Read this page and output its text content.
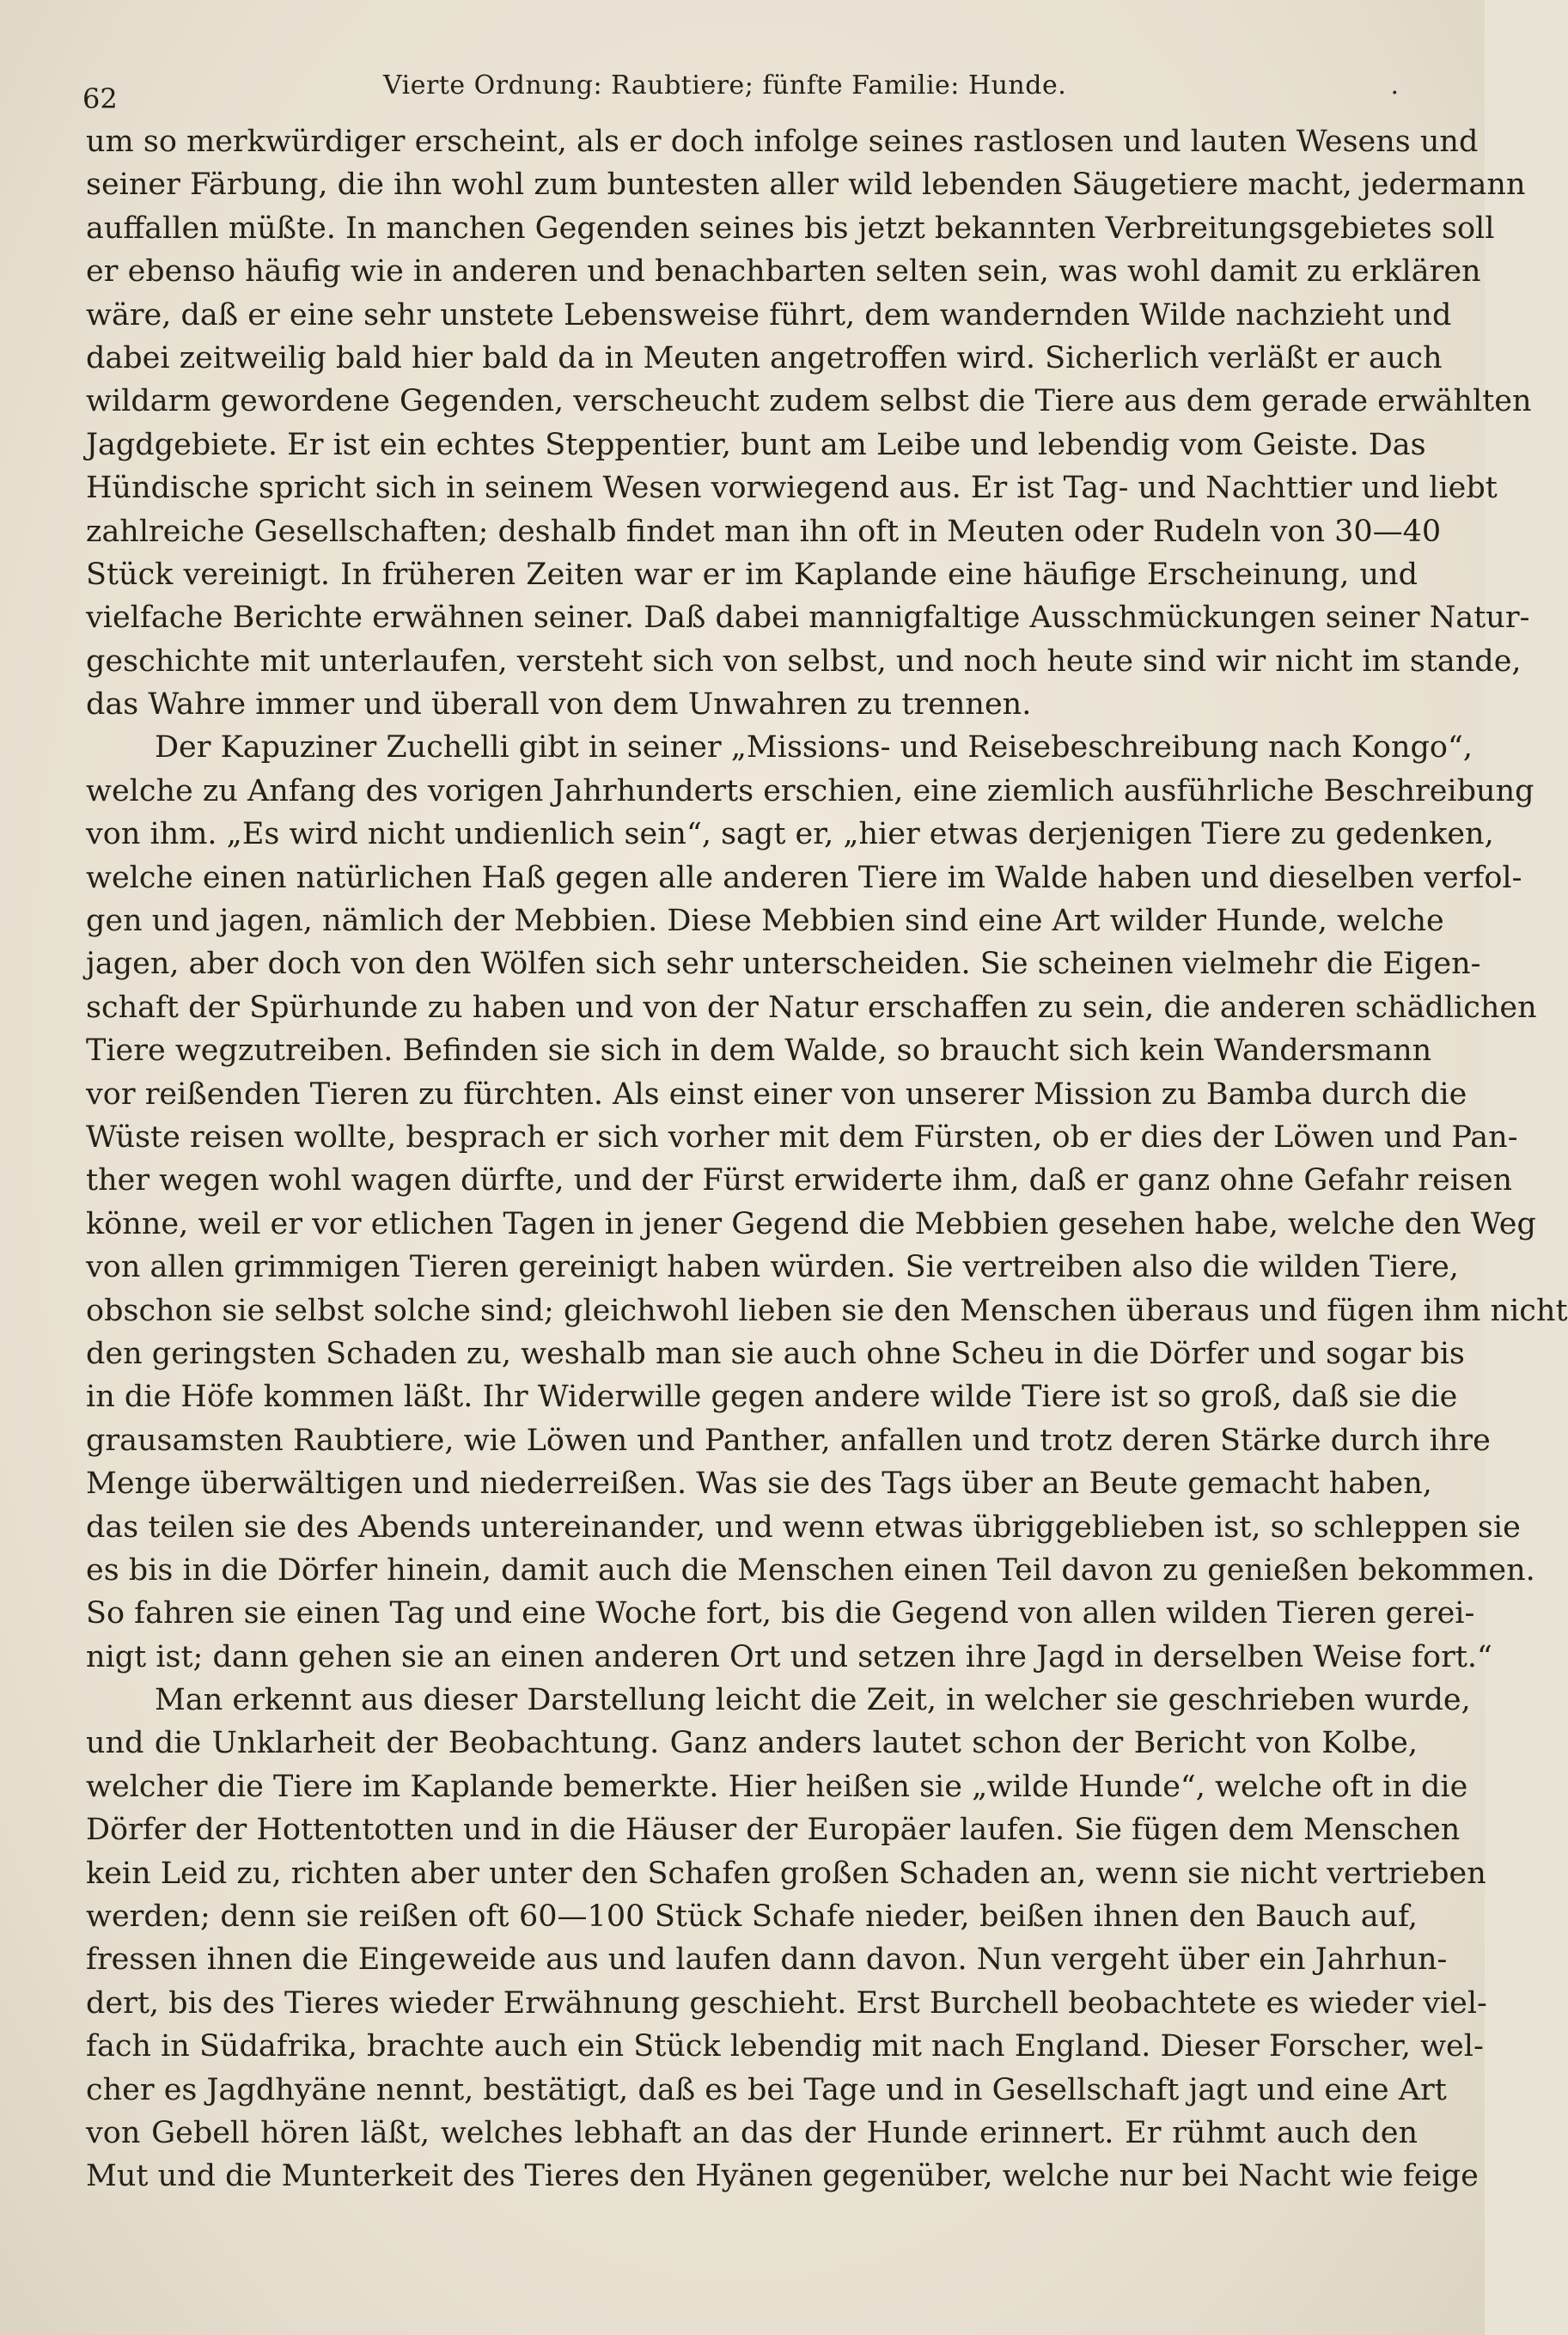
62	Vierte Ordnung: Raubtiere; fünfte Familie: Hunde.	.
um so merkwürdiger erscheint, als er doch infolge seines rastlosen und lauten Wesens und
seiner Färbung, die ihn wohl zum buntesten aller wild lebenden Säugetiere macht, jedermann
auffallen müßte. In manchen Gegenden seines bis jetzt bekannten Verbreitungsgebietes soll
er ebenso häufig wie in anderen und benachbarten selten sein, was wohl damit zu erklären
wäre, daß er eine sehr unstete Lebensweise führt, dem wandernden Wilde nachzieht und
dabei zeitweilig bald hier bald da in Meuten angetroffen wird. Sicherlich verläßt er auch
wildarm gewordene Gegenden, verscheucht zudem selbst die Tiere aus dem gerade erwählten
Jagdgebiete. Er ist ein echtes Steppentier, bunt am Leibe und lebendig vom Geiste. Das
Hündische spricht sich in seinem Wesen vorwiegend aus. Er ist Tag- und Nachttier und liebt
zahlreiche Gesellschaften; deshalb findet man ihn oft in Meuten oder Rudeln von 30—40
Stück vereinigt. In früheren Zeiten war er im Kaplande eine häufige Erscheinung, und
vielfache Berichte erwähnen seiner. Daß dabei mannigfaltige Ausschmückungen seiner Natur-
geschichte mit unterlaufen, versteht sich von selbst, und noch heute sind wir nicht im stande,
das Wahre immer und überall von dem Unwahren zu trennen.
Der Kapuziner Zuchelli gibt in seiner „Missions- und Reisebeschreibung nach Kongo“,
welche zu Anfang des vorigen Jahrhunderts erschien, eine ziemlich ausführliche Beschreibung
von ihm. „Es wird nicht undienlich sein“, sagt er, „hier etwas derjenigen Tiere zu gedenken,
welche einen natürlichen Haß gegen alle anderen Tiere im Walde haben und dieselben verfol-
gen und jagen, nämlich der Mebbien. Diese Mebbien sind eine Art wilder Hunde, welche
jagen, aber doch von den Wölfen sich sehr unterscheiden. Sie scheinen vielmehr die Eigen-
schaft der Spürhunde zu haben und von der Natur erschaffen zu sein, die anderen schädlichen
Tiere wegzutreiben. Befinden sie sich in dem Walde, so braucht sich kein Wandersmann
vor reißenden Tieren zu fürchten. Als einst einer von unserer Mission zu Bamba durch die
Wüste reisen wollte, besprach er sich vorher mit dem Fürsten, ob er dies der Löwen und Pan-
ther wegen wohl wagen dürfte, und der Fürst erwiderte ihm, daß er ganz ohne Gefahr reisen
könne, weil er vor etlichen Tagen in jener Gegend die Mebbien gesehen habe, welche den Weg
von allen grimmigen Tieren gereinigt haben würden. Sie vertreiben also die wilden Tiere,
obschon sie selbst solche sind; gleichwohl lieben sie den Menschen überaus und fügen ihm nicht
den geringsten Schaden zu, weshalb man sie auch ohne Scheu in die Dörfer und sogar bis
in die Höfe kommen läßt. Ihr Widerwille gegen andere wilde Tiere ist so groß, daß sie die
grausamsten Raubtiere, wie Löwen und Panther, anfallen und trotz deren Stärke durch ihre
Menge überwältigen und niederreißen. Was sie des Tags über an Beute gemacht haben,
das teilen sie des Abends untereinander, und wenn etwas übriggeblieben ist, so schleppen sie
es bis in die Dörfer hinein, damit auch die Menschen einen Teil davon zu genießen bekommen.
So fahren sie einen Tag und eine Woche fort, bis die Gegend von allen wilden Tieren gerei-
nigt ist; dann gehen sie an einen anderen Ort und setzen ihre Jagd in derselben Weise fort.“
Man erkennt aus dieser Darstellung leicht die Zeit, in welcher sie geschrieben wurde,
und die Unklarheit der Beobachtung. Ganz anders lautet schon der Bericht von Kolbe,
welcher die Tiere im Kaplande bemerkte. Hier heißen sie „wilde Hunde“, welche oft in die
Dörfer der Hottentotten und in die Häuser der Europäer laufen. Sie fügen dem Menschen
kein Leid zu, richten aber unter den Schafen großen Schaden an, wenn sie nicht vertrieben
werden; denn sie reißen oft 60—100 Stück Schafe nieder, beißen ihnen den Bauch auf,
fressen ihnen die Eingeweide aus und laufen dann davon. Nun vergeht über ein Jahrhun-
dert, bis des Tieres wieder Erwähnung geschieht. Erst Burchell beobachtete es wieder viel-
fach in Südafrika, brachte auch ein Stück lebendig mit nach England. Dieser Forscher, wel-
cher es Jagdhyäne nennt, bestätigt, daß es bei Tage und in Gesellschaft jagt und eine Art
von Gebell hören läßt, welches lebhaft an das der Hunde erinnert. Er rühmt auch den
Mut und die Munterkeit des Tieres den Hyänen gegenüber, welche nur bei Nacht wie feige
